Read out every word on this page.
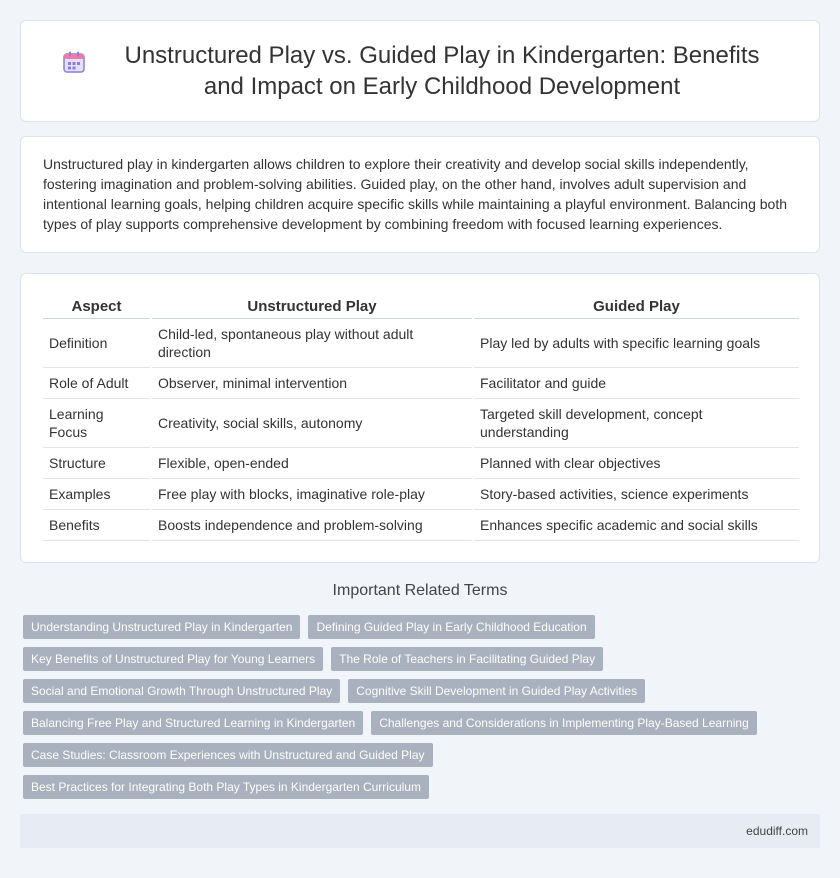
Unstructured Play vs. Guided Play in Kindergarten: Benefits and Impact on Early Childhood Development

Unstructured play in kindergarten allows children to explore their creativity and develop social skills independently, fostering imagination and problem-solving abilities. Guided play, on the other hand, involves adult supervision and intentional learning goals, helping children acquire specific skills while maintaining a playful environment. Balancing both types of play supports comprehensive development by combining freedom with focused learning experiences.

Aspect	Unstructured Play	Guided Play
Definition	Child-led, spontaneous play without adult direction	Play led by adults with specific learning goals
Role of Adult	Observer, minimal intervention	Facilitator and guide
Learning Focus	Creativity, social skills, autonomy	Targeted skill development, concept understanding
Structure	Flexible, open-ended	Planned with clear objectives
Examples	Free play with blocks, imaginative role-play	Story-based activities, science experiments
Benefits	Boosts independence and problem-solving	Enhances specific academic and social skills
Important Related Terms
Understanding Unstructured Play in Kindergarten	Defining Guided Play in Early Childhood Education
Key Benefits of Unstructured Play for Young Learners	The Role of Teachers in Facilitating Guided Play
Social and Emotional Growth Through Unstructured Play	Cognitive Skill Development in Guided Play Activities
Balancing Free Play and Structured Learning in Kindergarten	Challenges and Considerations in Implementing Play-Based Learning
Case Studies: Classroom Experiences with Unstructured and Guided Play
Best Practices for Integrating Both Play Types in Kindergarten Curriculum
edudiff.com
